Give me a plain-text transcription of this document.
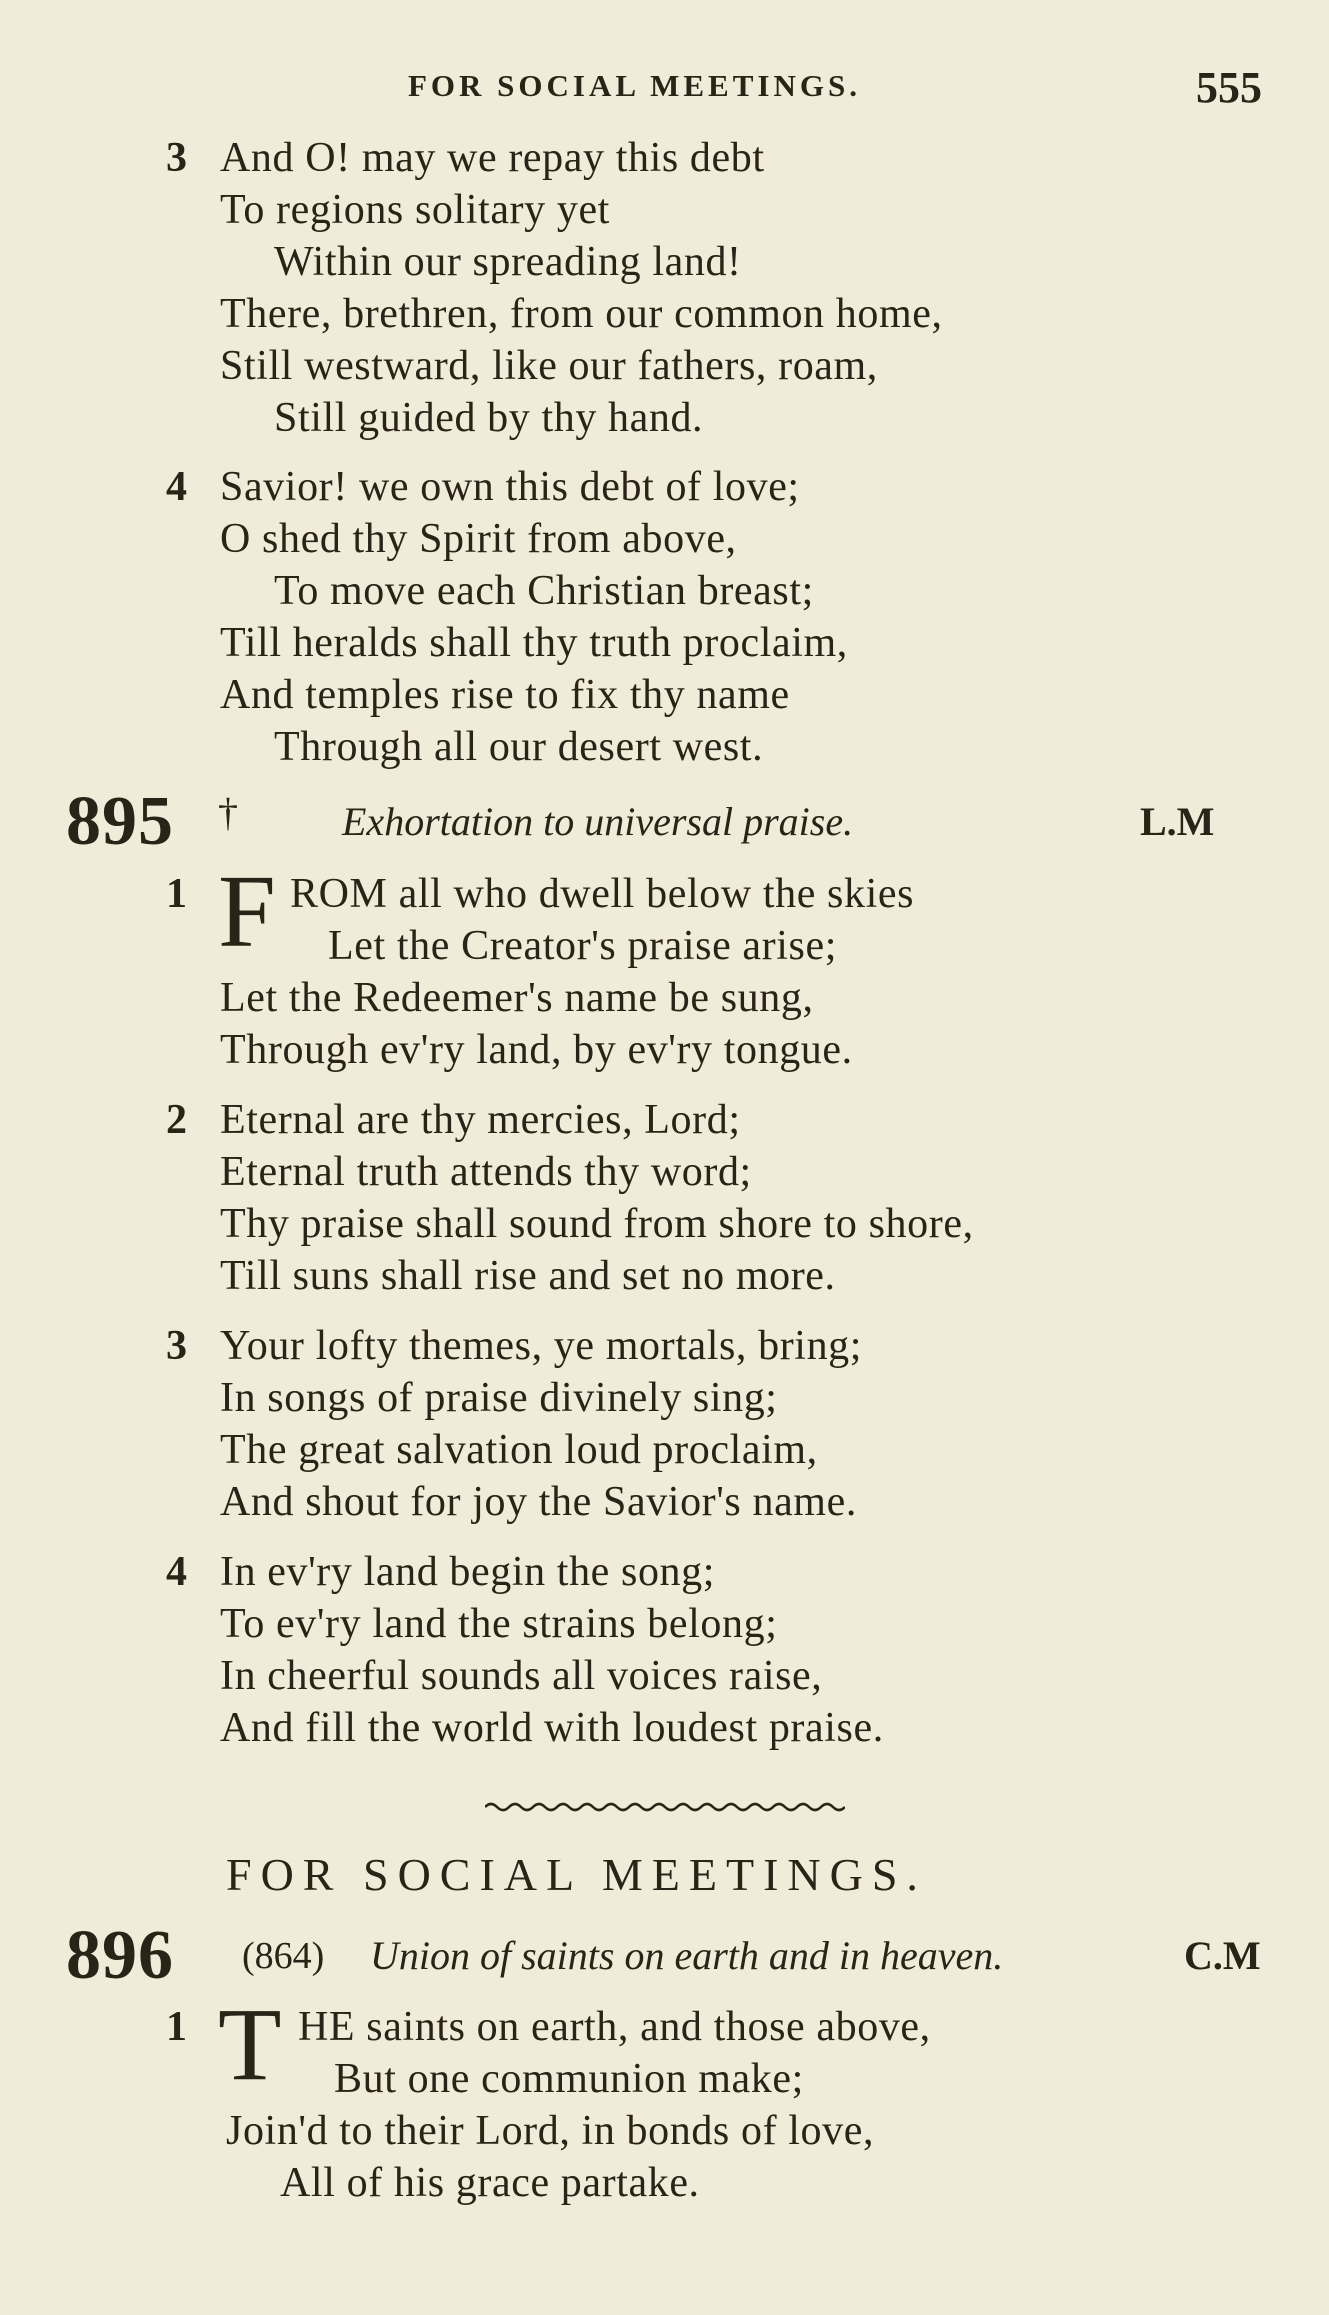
FOR SOCIAL MEETINGS.	555
3 And O! may we repay this debt
To regions solitary yet
Within our spreading land!
There, brethren, from our common home,
Still westward, like our fathers, roam,
Still guided by thy hand.
4 Savior! we own this debt of love;
O shed thy Spirit from above,
To move each Christian breast;
Till heralds shall thy truth proclaim,
And temples rise to fix thy name
Through all our desert west.
895 †	Exhortation to universal praise.	L.M
1 F ROM all who dwell below the skies
Let the Creator's praise arise;
Let the Redeemer's name be sung,
Through ev'ry land, by ev'ry tongue.
2 Eternal are thy mercies, Lord;
Eternal truth attends thy word;
Thy praise shall sound from shore to shore,
Till suns shall rise and set no more.
3 Your lofty themes, ye mortals, bring;
In songs of praise divinely sing;
The great salvation loud proclaim,
And shout for joy the Savior's name.
4 In ev'ry land begin the song;
To ev'ry land the strains belong;
In cheerful sounds all voices raise,
And fill the world with loudest praise.
FOR SOCIAL MEETINGS.
896 (864) Union of saints on earth and in heaven.	C.M
1 T HE saints on earth, and those above,
But one communion make;
Join'd to their Lord, in bonds of love,
All of his grace partake.
